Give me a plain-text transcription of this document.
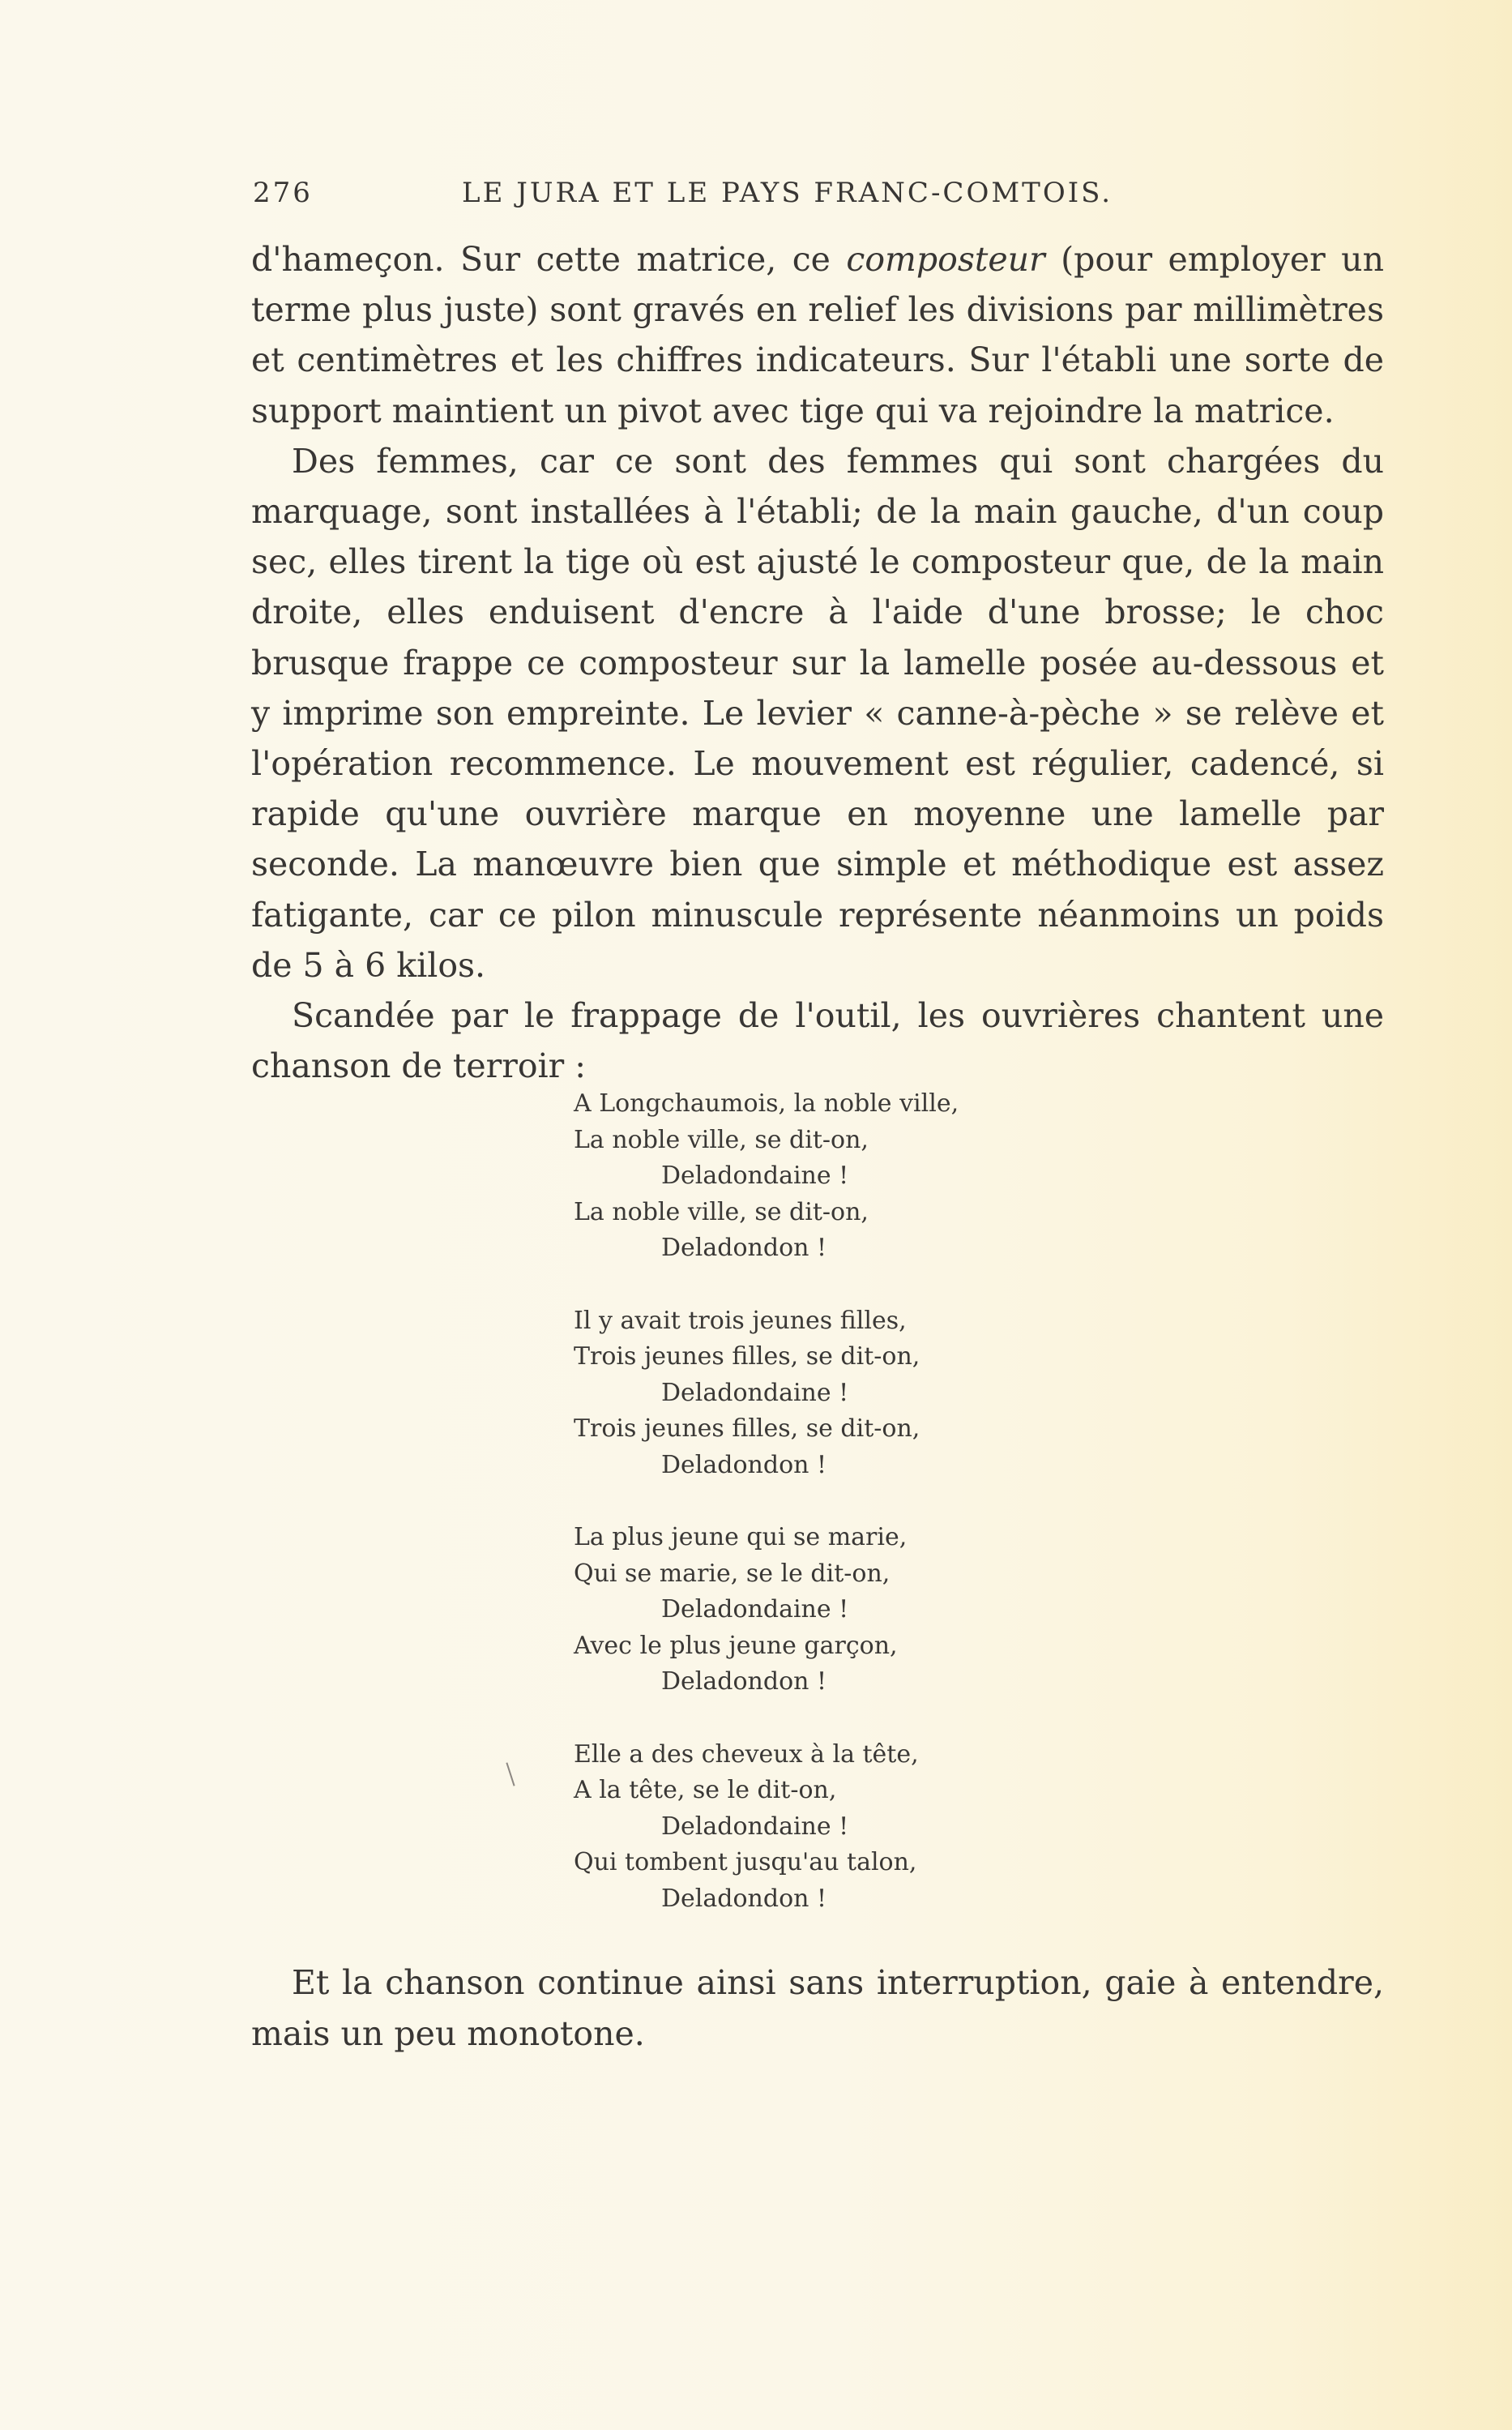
276	LE JURA ET LE PAYS FRANC-COMTOIS.

d'hameçon. Sur cette matrice, ce composteur (pour employer un terme plus juste) sont gravés en relief les divisions par millimètres et centimètres et les chiffres indicateurs. Sur l'établi une sorte de support maintient un pivot avec tige qui va rejoindre la matrice.

Des femmes, car ce sont des femmes qui sont chargées du marquage, sont installées à l'établi; de la main gauche, d'un coup sec, elles tirent la tige où est ajusté le composteur que, de la main droite, elles enduisent d'encre à l'aide d'une brosse; le choc brusque frappe ce composteur sur la lamelle posée au-dessous et y imprime son empreinte. Le levier « canne-à-pèche » se relève et l'opération recommence. Le mouvement est régulier, cadencé, si rapide qu'une ouvrière marque en moyenne une lamelle par seconde. La manœuvre bien que simple et méthodique est assez fatigante, car ce pilon minuscule représente néanmoins un poids de 5 à 6 kilos.

Scandée par le frappage de l'outil, les ouvrières chantent une chanson de terroir :

A Longchaumois, la noble ville,
La noble ville, se dit-on,
Deladondaine !
La noble ville, se dit-on,
Deladondon !
Il y avait trois jeunes filles,
Trois jeunes filles, se dit-on,
Deladondaine !
Trois jeunes filles, se dit-on,
Deladondon !
La plus jeune qui se marie,
Qui se marie, se le dit-on,
Deladondaine !
Avec le plus jeune garçon,
Deladondon !
Elle a des cheveux à la tête,
A la tête, se le dit-on,
Deladondaine !
Qui tombent jusqu'au talon,
Deladondon !

Et la chanson continue ainsi sans interruption, gaie à entendre, mais un peu monotone.
